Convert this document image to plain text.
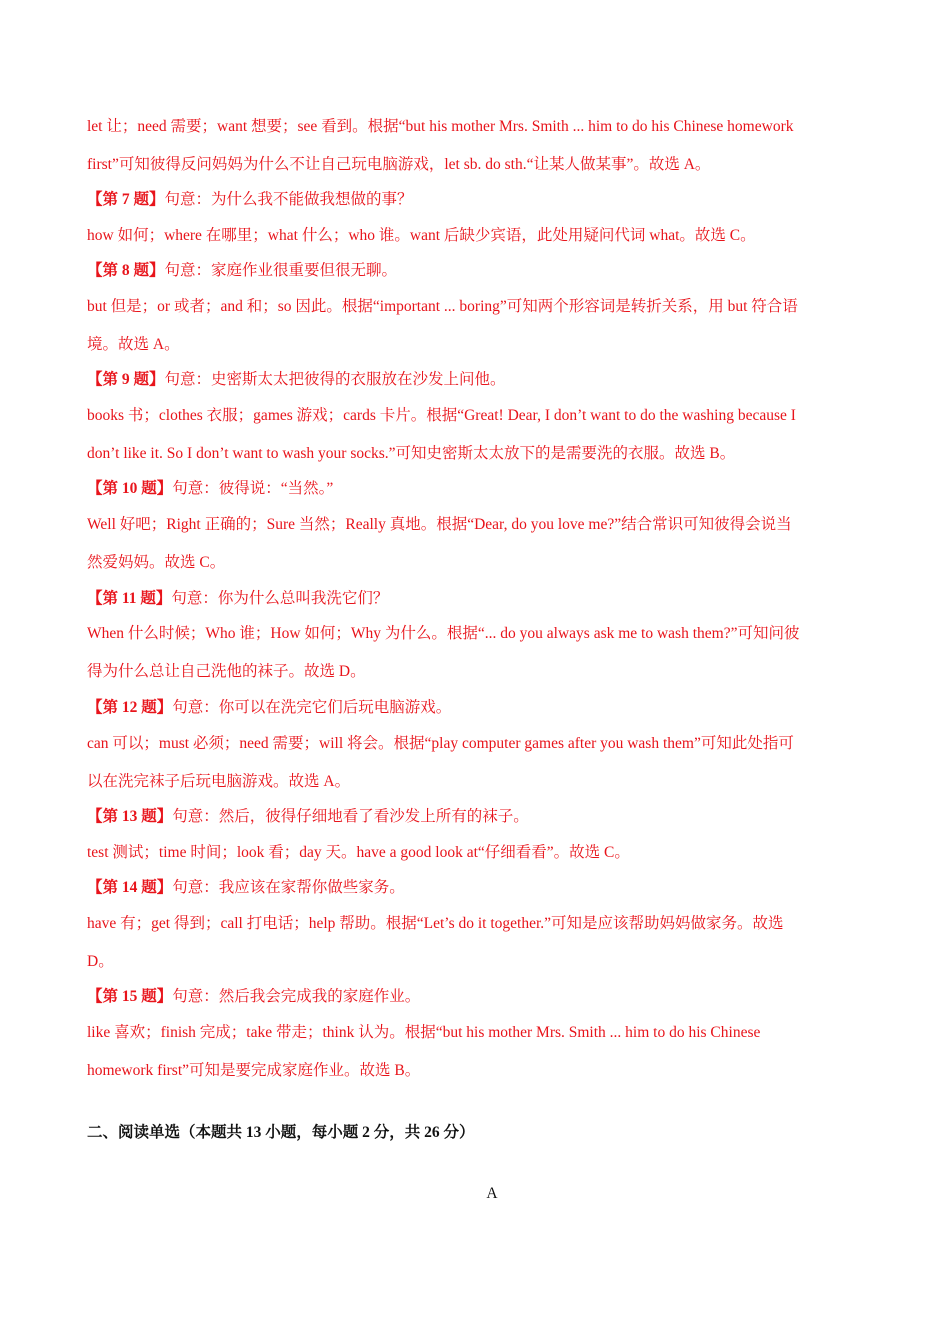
let 让；need 需要；want 想要；see 看到。根据“but his mother Mrs. Smith ... him to do his Chinese homework
first”可知彼得反问妈妈为什么不让自己玩电脑游戏，let sb. do sth.“让某人做某事”。故选 A。
【第 7 题】句意：为什么我不能做我想做的事？
how 如何；where 在哪里；what 什么；who 谁。want 后缺少宾语，此处用疑问代词 what。故选 C。
【第 8 题】句意：家庭作业很重要但很无聊。
but 但是；or 或者；and 和；so 因此。根据“important ... boring”可知两个形容词是转折关系，用 but 符合语
境。故选 A。
【第 9 题】句意：史密斯太太把彼得的衣服放在沙发上问他。
books 书；clothes 衣服；games 游戏；cards 卡片。根据“Great! Dear, I don’t want to do the washing because I
don’t like it. So I don’t want to wash your socks.”可知史密斯太太放下的是需要洗的衣服。故选 B。
【第 10 题】句意：彼得说：“当然。”
Well 好吧；Right 正确的；Sure 当然；Really 真地。根据“Dear, do you love me?”结合常识可知彼得会说当
然爱妈妈。故选 C。
【第 11 题】句意：你为什么总叫我洗它们？
When 什么时候；Who 谁；How 如何；Why 为什么。根据“... do you always ask me to wash them?”可知问彼
得为什么总让自己洗他的袜子。故选 D。
【第 12 题】句意：你可以在洗完它们后玩电脑游戏。
can 可以；must 必须；need 需要；will 将会。根据“play computer games after you wash them”可知此处指可
以在洗完袜子后玩电脑游戏。故选 A。
【第 13 题】句意：然后，彼得仔细地看了看沙发上所有的袜子。
test 测试；time 时间；look 看；day 天。have a good look at“仔细看看”。故选 C。
【第 14 题】句意：我应该在家帮你做些家务。
have 有；get 得到；call 打电话；help 帮助。根据“Let’s do it together.”可知是应该帮助妈妈做家务。故选
D。
【第 15 题】句意：然后我会完成我的家庭作业。
like 喜欢；finish 完成；take 带走；think 认为。根据“but his mother Mrs. Smith ... him to do his Chinese
homework first”可知是要完成家庭作业。故选 B。
二、阅读单选（本题共 13 小题，每小题 2 分，共 26 分）
A
